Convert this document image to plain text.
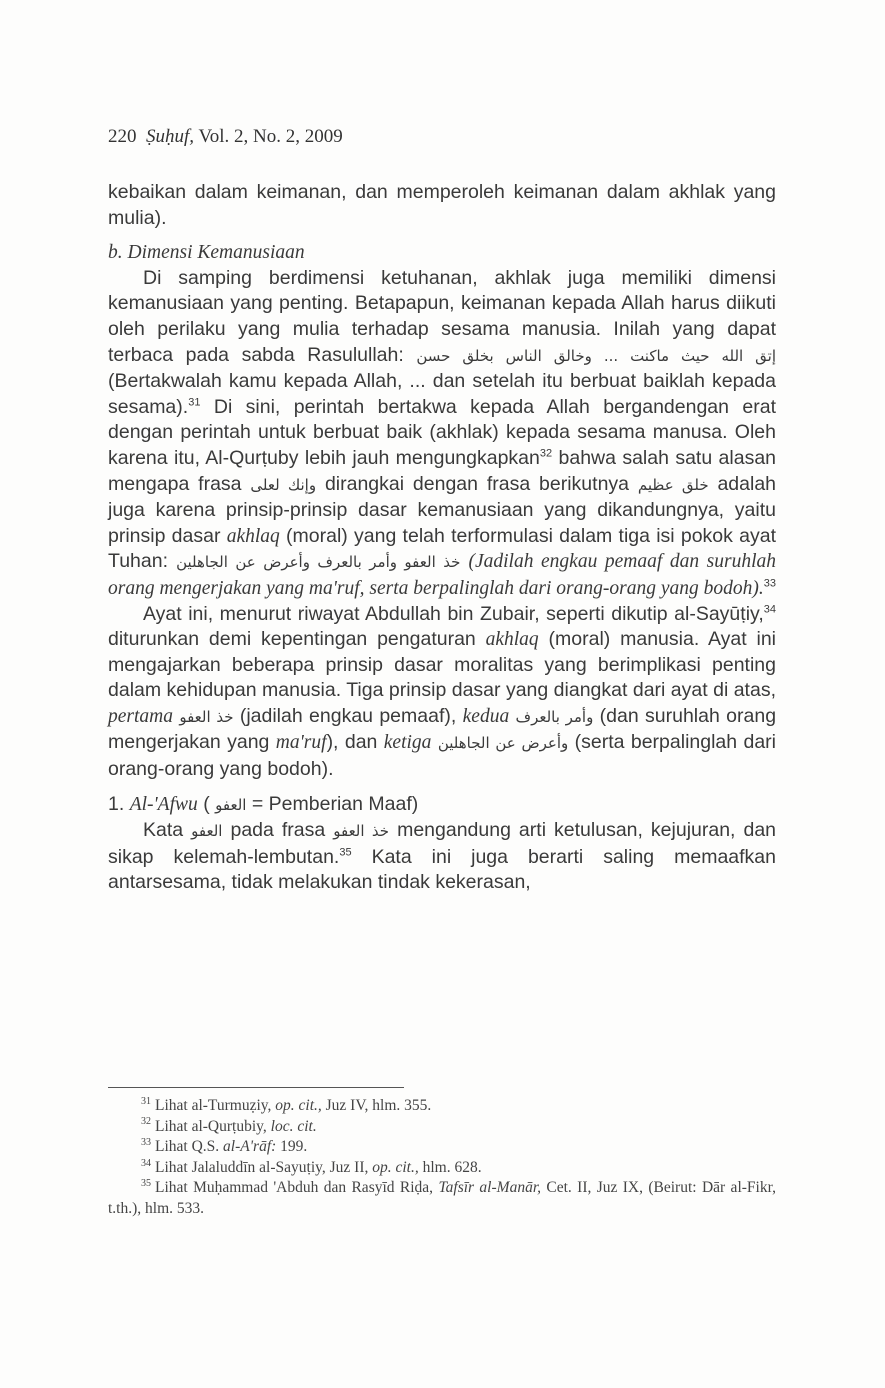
220 Ṣuḥuf, Vol. 2, No. 2, 2009

kebaikan dalam keimanan, dan memperoleh keimanan dalam akhlak yang mulia).

b. Dimensi Kemanusiaan

Di samping berdimensi ketuhanan, akhlak juga memiliki dimensi kemanusiaan yang penting. Betapapun, keimanan kepada Allah harus diikuti oleh perilaku yang mulia terhadap sesama manusia. Inilah yang dapat terbaca pada sabda Rasulullah: إتق الله حيث ماكنت ... وخالق الناس بخلق حسن (Bertakwalah kamu kepada Allah, ... dan setelah itu berbuat baiklah kepada sesama).$^{31}$ Di sini, perintah bertakwa kepada Allah bergandengan erat dengan perintah untuk berbuat baik (akhlak) kepada sesama manusa. Oleh karena itu, Al-Qurṭuby lebih jauh mengungkapkan$^{32}$ bahwa salah satu alasan mengapa frasa وإنك لعلى dirangkai dengan frasa berikutnya خلق عظيم adalah juga karena prinsip-prinsip dasar kemanusiaan yang dikandungnya, yaitu prinsip dasar akhlaq (moral) yang telah terformulasi dalam tiga isi pokok ayat Tuhan: خذ العفو وأمر بالعرف وأعرض عن الجاهلين (Jadilah engkau pemaaf dan suruhlah orang mengerjakan yang ma'ruf, serta berpalinglah dari orang-orang yang bodoh).$^{33}$

Ayat ini, menurut riwayat Abdullah bin Zubair, seperti dikutip al-Sayūṭiy,$^{34}$ diturunkan demi kepentingan pengaturan akhlaq (moral) manusia. Ayat ini mengajarkan beberapa prinsip dasar moralitas yang berimplikasi penting dalam kehidupan manusia. Tiga prinsip dasar yang diangkat dari ayat di atas, pertama خذ العفو (jadilah engkau pemaaf), kedua وأمر بالعرف (dan suruhlah orang mengerjakan yang ma'ruf), dan ketiga وأعرض عن الجاهلين (serta berpalinglah dari orang-orang yang bodoh).

1. Al-'Afwu ( العفو = Pemberian Maaf)

Kata العفو pada frasa خذ العفو mengandung arti ketulusan, kejujuran, dan sikap kelemah-lembutan.$^{35}$ Kata ini juga berarti saling memaafkan antarsesama, tidak melakukan tindak kekerasan,

$^{31}$ Lihat al-Turmuẓiy, op. cit., Juz IV, hlm. 355.

$^{32}$ Lihat al-Qurṭubiy, loc. cit.

$^{33}$ Lihat Q.S. al-A'rāf: 199.

$^{34}$ Lihat Jalaluddīn al-Sayuṭiy, Juz II, op. cit., hlm. 628.

$^{35}$ Lihat Muḥammad 'Abduh dan Rasyīd Riḍa, Tafsīr al-Manār, Cet. II, Juz IX, (Beirut: Dār al-Fikr, t.th.), hlm. 533.
